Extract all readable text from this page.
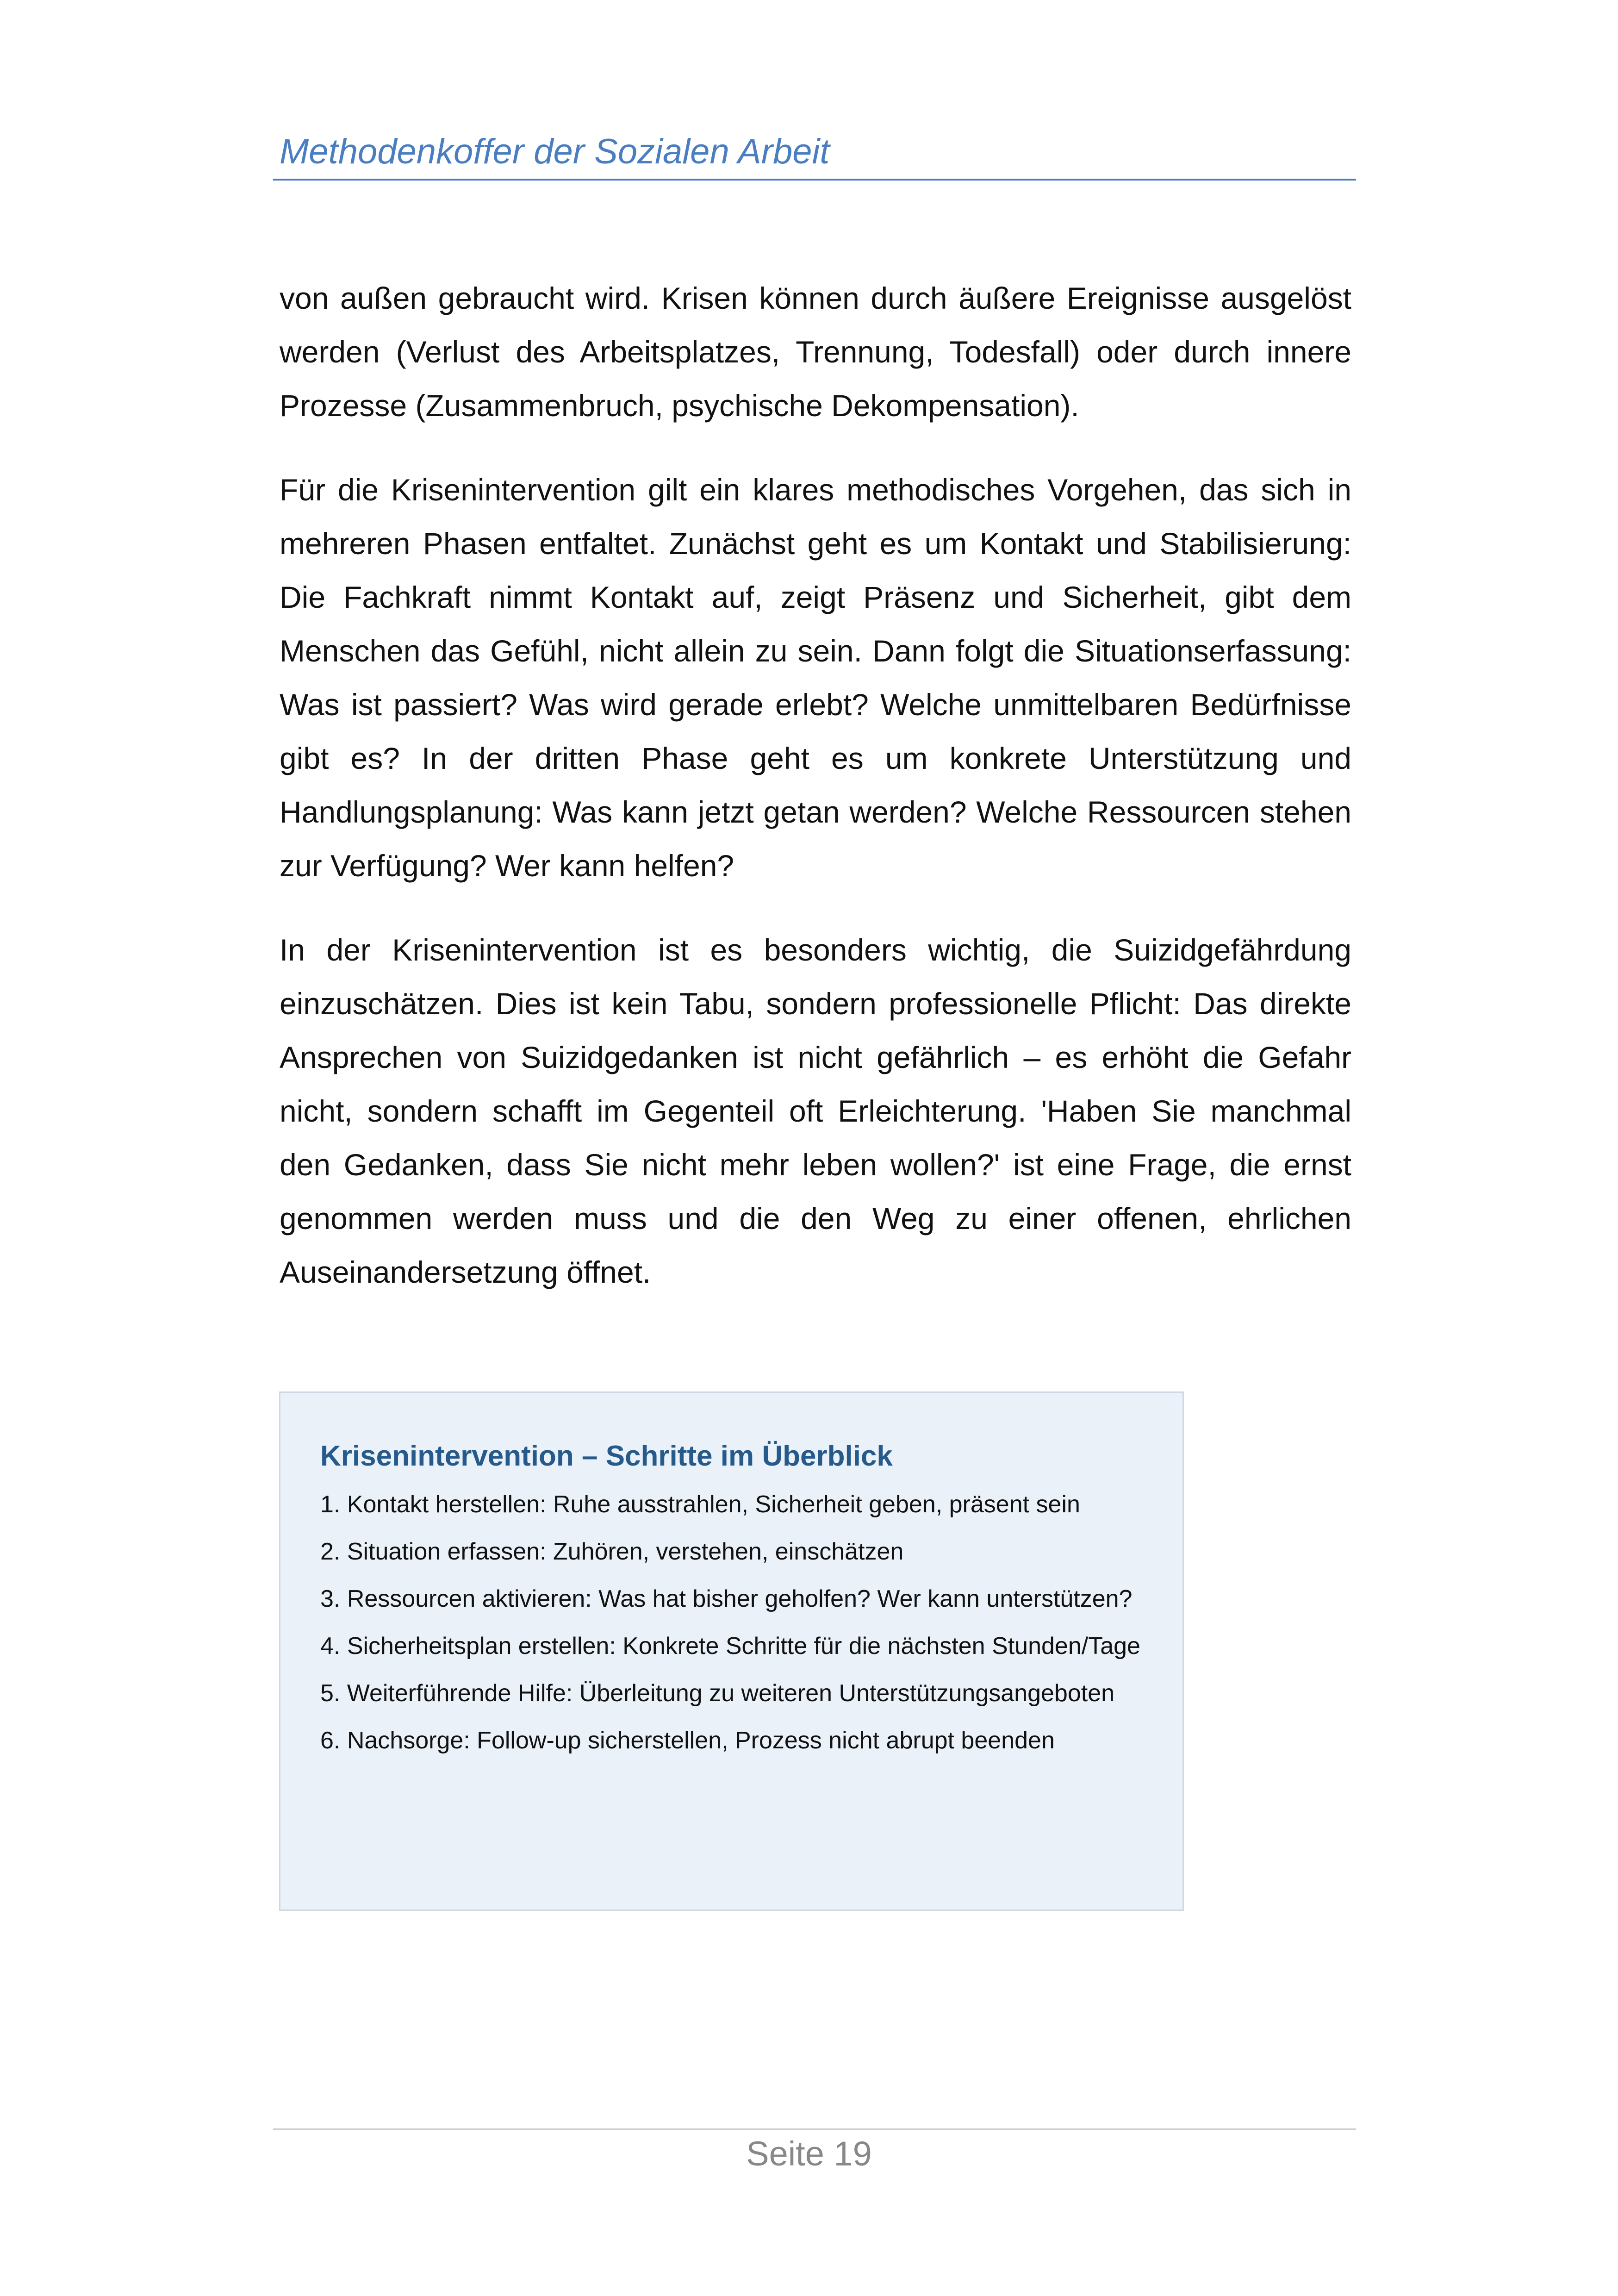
Methodenkoffer der Sozialen Arbeit

von außen gebraucht wird. Krisen können durch äußere Ereignisse ausgelöst werden (Verlust des Arbeitsplatzes, Trennung, Todesfall) oder durch innere Prozesse (Zusammenbruch, psychische Dekompensation).

Für die Krisenintervention gilt ein klares methodisches Vorgehen, das sich in mehreren Phasen entfaltet. Zunächst geht es um Kontakt und Stabilisierung: Die Fachkraft nimmt Kontakt auf, zeigt Präsenz und Sicherheit, gibt dem Menschen das Gefühl, nicht allein zu sein. Dann folgt die Situationserfassung: Was ist passiert? Was wird gerade erlebt? Welche unmittelbaren Bedürfnisse gibt es? In der dritten Phase geht es um konkrete Unterstützung und Handlungsplanung: Was kann jetzt getan werden? Welche Ressourcen stehen zur Verfügung? Wer kann helfen?

In der Krisenintervention ist es besonders wichtig, die Suizidgefährdung einzuschätzen. Dies ist kein Tabu, sondern professionelle Pflicht: Das direkte Ansprechen von Suizidgedanken ist nicht gefährlich – es erhöht die Gefahr nicht, sondern schafft im Gegenteil oft Erleichterung. 'Haben Sie manchmal den Gedanken, dass Sie nicht mehr leben wollen?' ist eine Frage, die ernst genommen werden muss und die den Weg zu einer offenen, ehrlichen Auseinandersetzung öffnet.

Krisenintervention – Schritte im Überblick
1. Kontakt herstellen: Ruhe ausstrahlen, Sicherheit geben, präsent sein
2. Situation erfassen: Zuhören, verstehen, einschätzen
3. Ressourcen aktivieren: Was hat bisher geholfen? Wer kann unterstützen?
4. Sicherheitsplan erstellen: Konkrete Schritte für die nächsten Stunden/Tage
5. Weiterführende Hilfe: Überleitung zu weiteren Unterstützungsangeboten
6. Nachsorge: Follow-up sicherstellen, Prozess nicht abrupt beenden
Seite 19
